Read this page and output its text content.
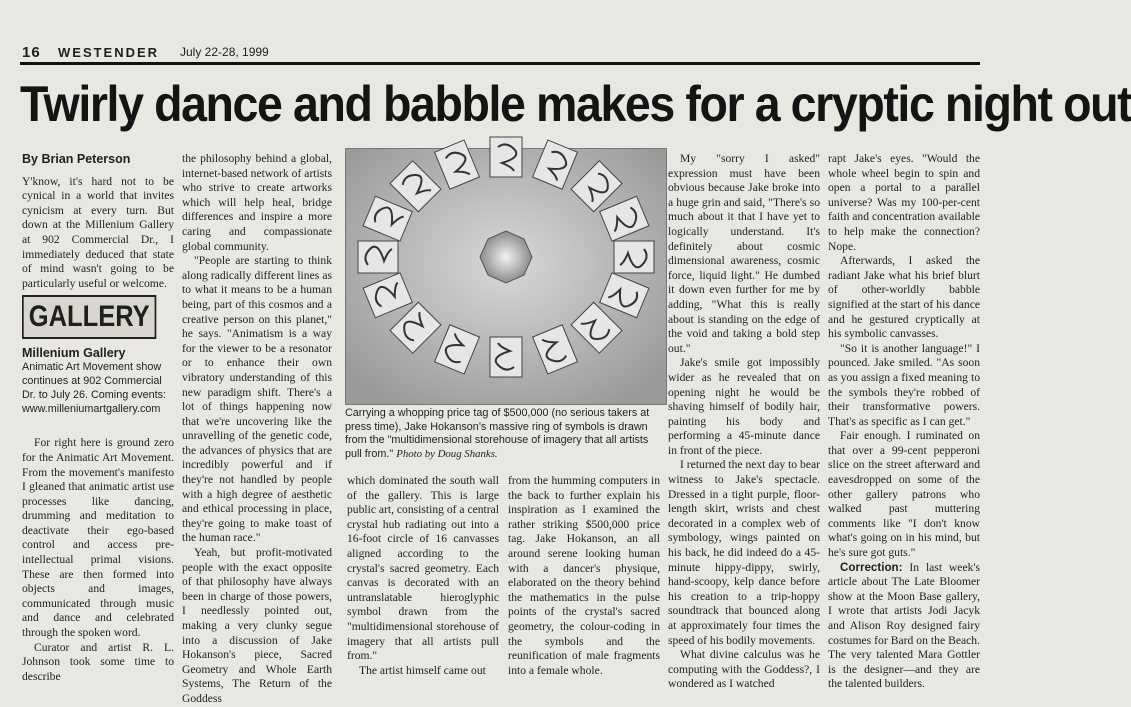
16 WESTENDER July 22-28, 1999
Twirly dance and babble makes for a cryptic night out
By Brian Peterson

Y'know, it's hard not to be cynical in a world that invites cynicism at every turn. But down at the Millenium Gallery at 902 Commercial Dr., I immediately deduced that state of mind wasn't going to be particularly useful or welcome.

GALLERY
Millenium Gallery
Animatic Art Movement show continues at 902 Commercial Dr. to July 26. Coming events:
www.milleniumartgallery.com

For right here is ground zero for the Animatic Art Movement. From the movement's manifesto I gleaned that animatic artist use processes like dancing, drumming and meditation to deactivate their ego-based control and access pre-intellectual primal visions. These are then formed into objects and images, communicated through music and dance and celebrated through the spoken word.

Curator and artist R. L. Johnson took some time to describe

the philosophy behind a global, internet-based network of artists who strive to create artworks which will help heal, bridge differences and inspire a more caring and compassionate global community.

"People are starting to think along radically different lines as to what it means to be a human being, part of this cosmos and a creative person on this planet," he says. "Animatism is a way for the viewer to be a resonator or to enhance their own vibratory understanding of this new paradigm shift. There's a lot of things happening now that we're uncovering like the unravelling of the genetic code, the advances of physics that are incredibly powerful and if they're not handled by people with a high degree of aesthetic and ethical processing in place, they're going to make toast of the human race."

Yeah, but profit-motivated people with the exact opposite of that philosophy have always been in charge of those powers, I needlessly pointed out, making a very clunky segue into a discussion of Jake Hokanson's piece, Sacred Geometry and Whole Earth Systems, The Return of the Goddess

Carrying a whopping price tag of $500,000 (no serious takers at press time), Jake Hokanson's massive ring of symbols is drawn from the "multidimensional storehouse of imagery that all artists pull from." Photo by Doug Shanks.

which dominated the south wall of the gallery. This is large public art, consisting of a central crystal hub radiating out into a 16-foot circle of 16 canvasses aligned according to the crystal's sacred geometry. Each canvas is decorated with an untranslatable hieroglyphic symbol drawn from the "multidimensional storehouse of imagery that all artists pull from."

The artist himself came out

from the humming computers in the back to further explain his inspiration as I examined the rather striking $500,000 price tag. Jake Hokanson, an all around serene looking human with a dancer's physique, elaborated on the theory behind the mathematics in the pulse points of the crystal's sacred geometry, the colour-coding in the symbols and the reunification of male fragments into a female whole.

My "sorry I asked" expression must have been obvious because Jake broke into a huge grin and said, "There's so much about it that I have yet to logically understand. It's definitely about cosmic dimensional awareness, cosmic force, liquid light." He dumbed it down even further for me by adding, "What this is really about is standing on the edge of the void and taking a bold step out."

Jake's smile got impossibly wider as he revealed that on opening night he would be shaving himself of bodily hair, painting his body and performing a 45-minute dance in front of the piece.

I returned the next day to bear witness to Jake's spectacle. Dressed in a tight purple, floor-length skirt, wrists and chest decorated in a complex web of symbology, wings painted on his back, he did indeed do a 45-minute hippy-dippy, swirly, hand-scoopy, kelp dance before his creation to a trip-hoppy soundtrack that bounced along at approximately four times the speed of his bodily movements.

What divine calculus was he computing with the Goddess?, I wondered as I watched

rapt Jake's eyes. "Would the whole wheel begin to spin and open a portal to a parallel universe? Was my 100-per-cent faith and concentration available to help make the connection? Nope.

Afterwards, I asked the radiant Jake what his brief blurt of other-worldly babble signified at the start of his dance and he gestured cryptically at his symbolic canvasses.

"So it is another language!" I pounced. Jake smiled. "As soon as you assign a fixed meaning to the symbols they're robbed of their transformative powers. That's as specific as I can get."

Fair enough. I ruminated on that over a 99-cent pepperoni slice on the street afterward and eavesdropped on some of the other gallery patrons who walked past muttering comments like "I don't know what's going on in his mind, but he's sure got guts."

Correction: In last week's article about The Late Bloomer show at the Moon Base gallery, I wrote that artists Jodi Jacyk and Alison Roy designed fairy costumes for Bard on the Beach. The very talented Mara Gottler is the designer—and they are the talented builders.
